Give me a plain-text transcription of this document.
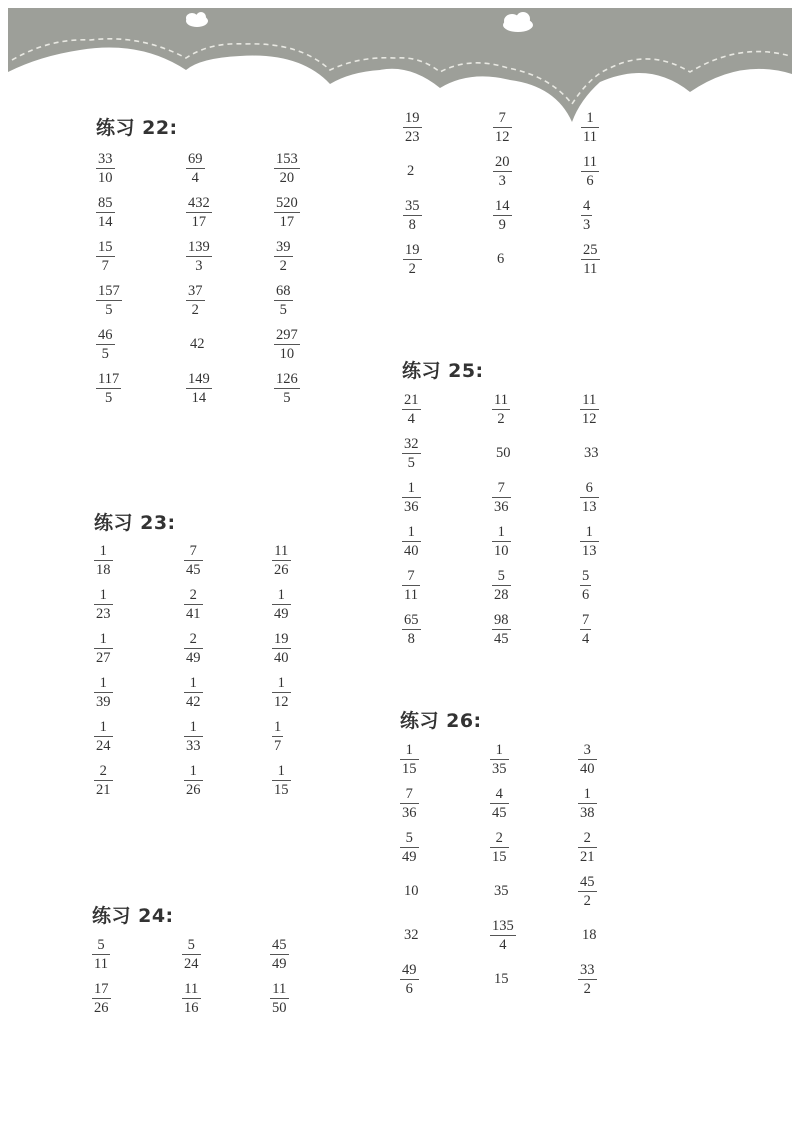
练习 22:
$\frac{33}{10}$	$\frac{69}{4}$	$\frac{153}{20}$
$\frac{85}{14}$	$\frac{432}{17}$	$\frac{520}{17}$
$\frac{15}{7}$	$\frac{139}{3}$	$\frac{39}{2}$
$\frac{157}{5}$	$\frac{37}{2}$	$\frac{68}{5}$
$\frac{46}{5}$	42	$\frac{297}{10}$
$\frac{117}{5}$	$\frac{149}{14}$	$\frac{126}{5}$
练习 23:
$\frac{1}{18}$	$\frac{7}{45}$	$\frac{11}{26}$
$\frac{1}{23}$	$\frac{2}{41}$	$\frac{1}{49}$
$\frac{1}{27}$	$\frac{2}{49}$	$\frac{19}{40}$
$\frac{1}{39}$	$\frac{1}{42}$	$\frac{1}{12}$
$\frac{1}{24}$	$\frac{1}{33}$	$\frac{1}{7}$
$\frac{2}{21}$	$\frac{1}{26}$	$\frac{1}{15}$
练习 24:
$\frac{5}{11}$	$\frac{5}{24}$	$\frac{45}{49}$
$\frac{17}{26}$	$\frac{11}{16}$	$\frac{11}{50}$
$\frac{19}{23}$	$\frac{7}{12}$	$\frac{1}{11}$
2	$\frac{20}{3}$	$\frac{11}{6}$
$\frac{35}{8}$	$\frac{14}{9}$	$\frac{4}{3}$
$\frac{19}{2}$	6	$\frac{25}{11}$
练习 25:
$\frac{21}{4}$	$\frac{11}{2}$	$\frac{11}{12}$
$\frac{32}{5}$	50	33
$\frac{1}{36}$	$\frac{7}{36}$	$\frac{6}{13}$
$\frac{1}{40}$	$\frac{1}{10}$	$\frac{1}{13}$
$\frac{7}{11}$	$\frac{5}{28}$	$\frac{5}{6}$
$\frac{65}{8}$	$\frac{98}{45}$	$\frac{7}{4}$
练习 26:
$\frac{1}{15}$	$\frac{1}{35}$	$\frac{3}{40}$
$\frac{7}{36}$	$\frac{4}{45}$	$\frac{1}{38}$
$\frac{5}{49}$	$\frac{2}{15}$	$\frac{2}{21}$
10	35	$\frac{45}{2}$
32	$\frac{135}{4}$	18
$\frac{49}{6}$	15	$\frac{33}{2}$
